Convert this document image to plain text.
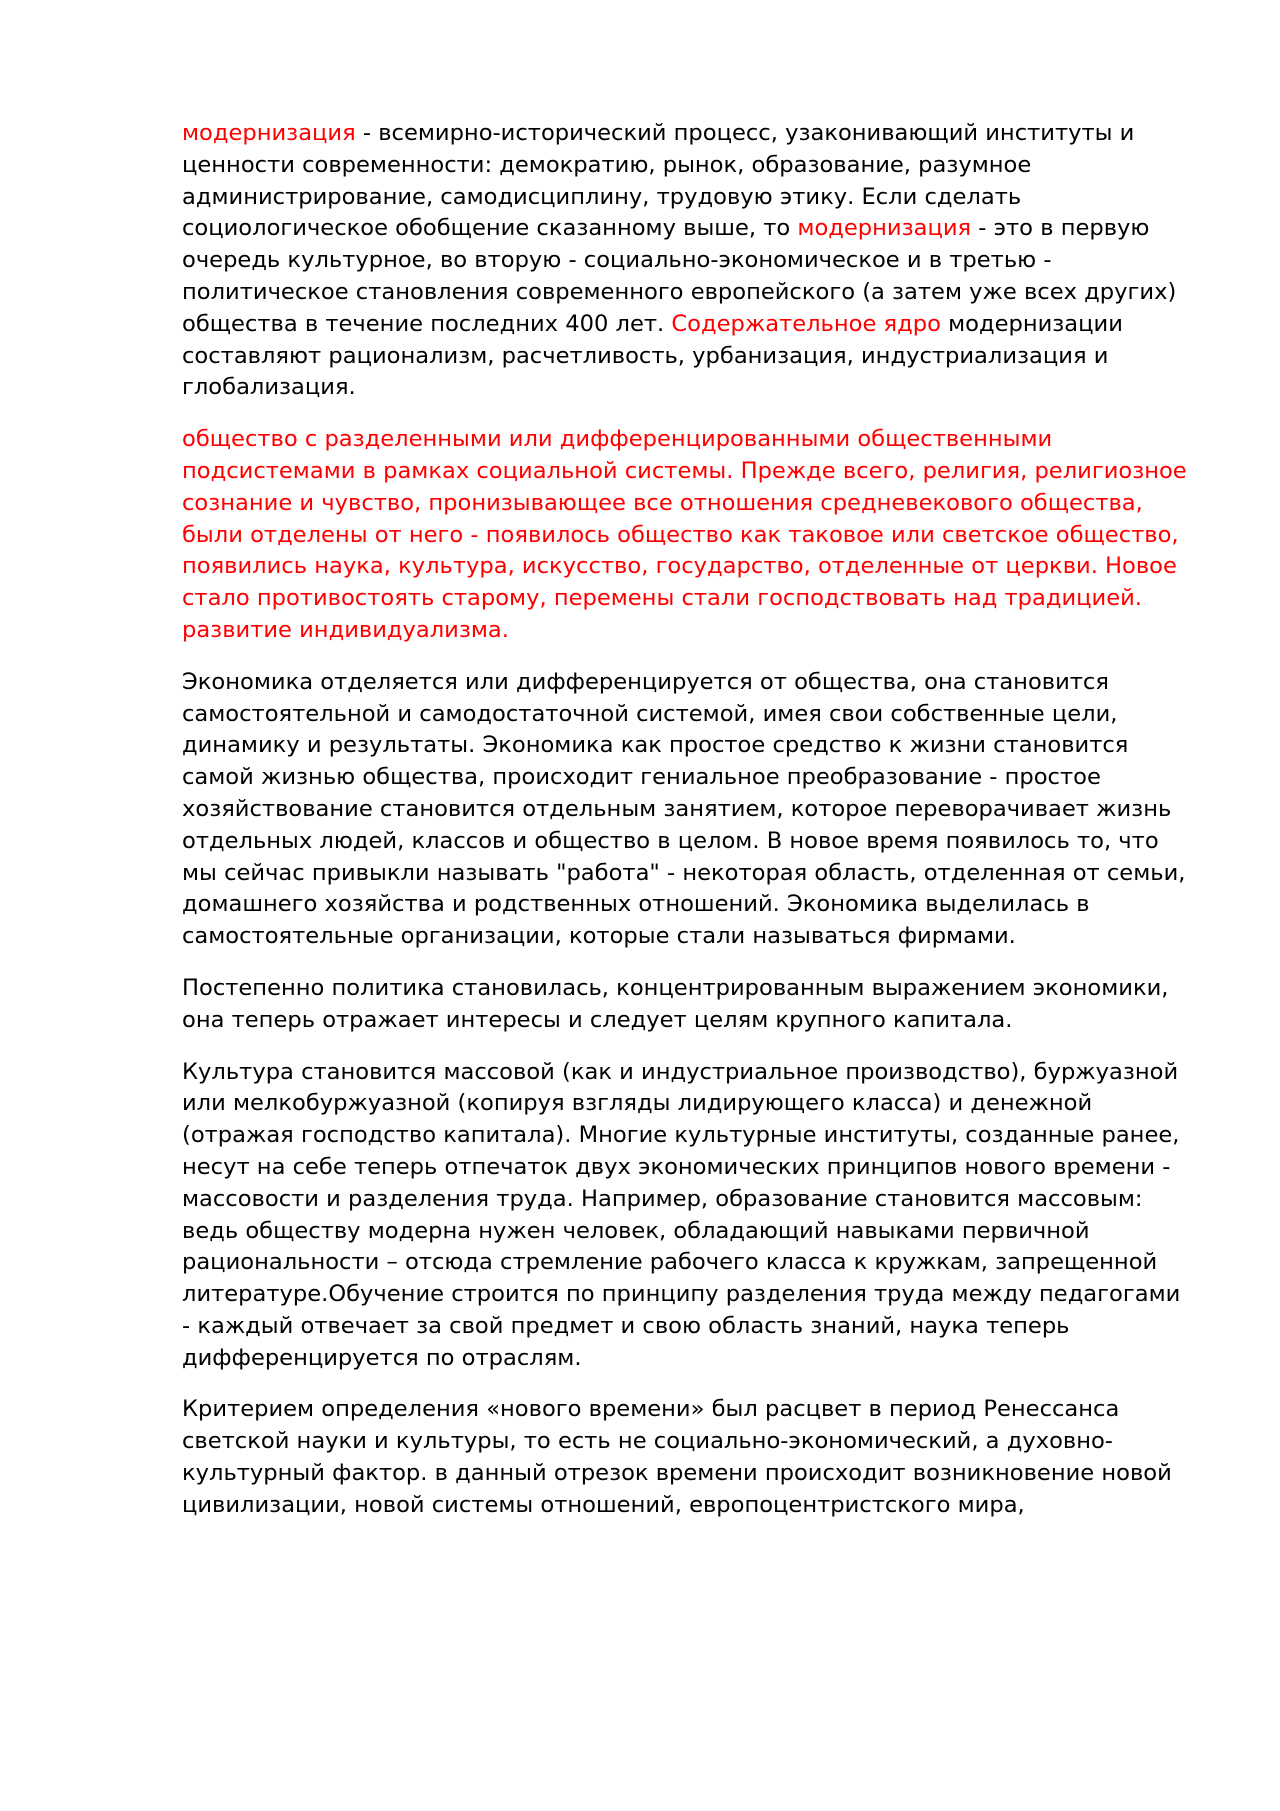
модернизация - всемирно-исторический процесс, узаконивающий институты и ценности современности: демократию, рынок, образование, разумное администрирование, самодисциплину, трудовую этику. Если сделать социологическое обобщение сказанному выше, то модернизация - это в первую очередь культурное, во вторую - социально-экономическое и в третью - политическое становления современного европейского (а затем уже всех других) общества в течение последних 400 лет. Содержательное ядро модернизации составляют рационализм, расчетливость, урбанизация, индустриализация и глобализация.

общество с разделенными или дифференцированными общественными подсистемами в рамках социальной системы. Прежде всего, религия, религиозное сознание и чувство, пронизывающее все отношения средневекового общества, были отделены от него - появилось общество как таковое или светское общество, появились наука, культура, искусство, государство, отделенные от церкви. Новое стало противостоять старому, перемены стали господствовать над традицией. развитие индивидуализма.

Экономика отделяется или дифференцируется от общества, она становится самостоятельной и самодостаточной системой, имея свои собственные цели, динамику и результаты. Экономика как простое средство к жизни становится самой жизнью общества, происходит гениальное преобразование - простое хозяйствование становится отдельным занятием, которое переворачивает жизнь отдельных людей, классов и общество в целом. В новое время появилось то, что мы сейчас привыкли называть "работа" - некоторая область, отделенная от семьи, домашнего хозяйства и родственных отношений. Экономика выделилась в самостоятельные организации, которые стали называться фирмами.

Постепенно политика становилась, концентрированным выражением экономики, она теперь отражает интересы и следует целям крупного капитала.

Культура становится массовой (как и индустриальное производство), буржуазной или мелкобуржуазной (копируя взгляды лидирующего класса) и денежной (отражая господство капитала). Многие культурные институты, созданные ранее, несут на себе теперь отпечаток двух экономических принципов нового времени - массовости и разделения труда. Например, образование становится массовым: ведь обществу модерна нужен человек, обладающий навыками первичной рациональности – отсюда стремление рабочего класса к кружкам, запрещенной литературе.Обучение строится по принципу разделения труда между педагогами - каждый отвечает за свой предмет и свою область знаний, наука теперь дифференцируется по отраслям.

Критерием определения «нового времени» был расцвет в период Ренессанса светской науки и культуры, то есть не социально-экономический, а духовно-культурный фактор. в данный отрезок времени происходит возникновение новой цивилизации, новой системы отношений, европоцентристского мира,
